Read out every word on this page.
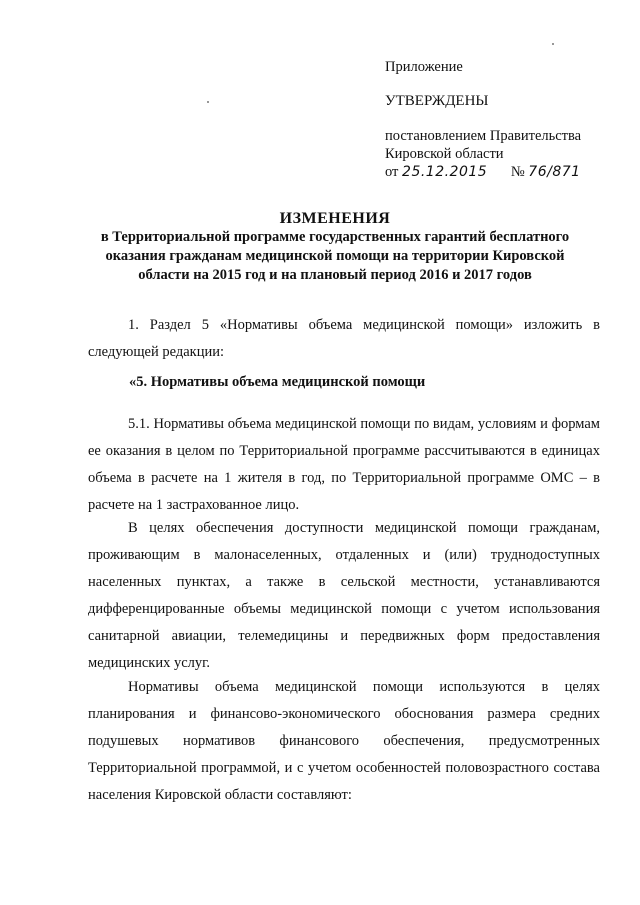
Приложение
УТВЕРЖДЕНЫ
постановлением Правительства
Кировской области
от 25.12.2015 № 76/871
ИЗМЕНЕНИЯ
в Территориальной программе государственных гарантий бесплатного
оказания гражданам медицинской помощи на территории Кировской
области на 2015 год и на плановый период 2016 и 2017 годов
1. Раздел 5 «Нормативы объема медицинской помощи» изложить в следующей редакции:
«5. Нормативы объема медицинской помощи
5.1. Нормативы объема медицинской помощи по видам, условиям и формам ее оказания в целом по Территориальной программе рассчитываются в единицах объема в расчете на 1 жителя в год, по Территориальной программе ОМС – в расчете на 1 застрахованное лицо.
В целях обеспечения доступности медицинской помощи гражданам, проживающим в малонаселенных, отдаленных и (или) труднодоступных населенных пунктах, а также в сельской местности, устанавливаются дифференцированные объемы медицинской помощи с учетом использования санитарной авиации, телемедицины и передвижных форм предоставления медицинских услуг.
Нормативы объема медицинской помощи используются в целях планирования и финансово-экономического обоснования размера средних подушевых нормативов финансового обеспечения, предусмотренных Территориальной программой, и с учетом особенностей половозрастного состава населения Кировской области составляют:
